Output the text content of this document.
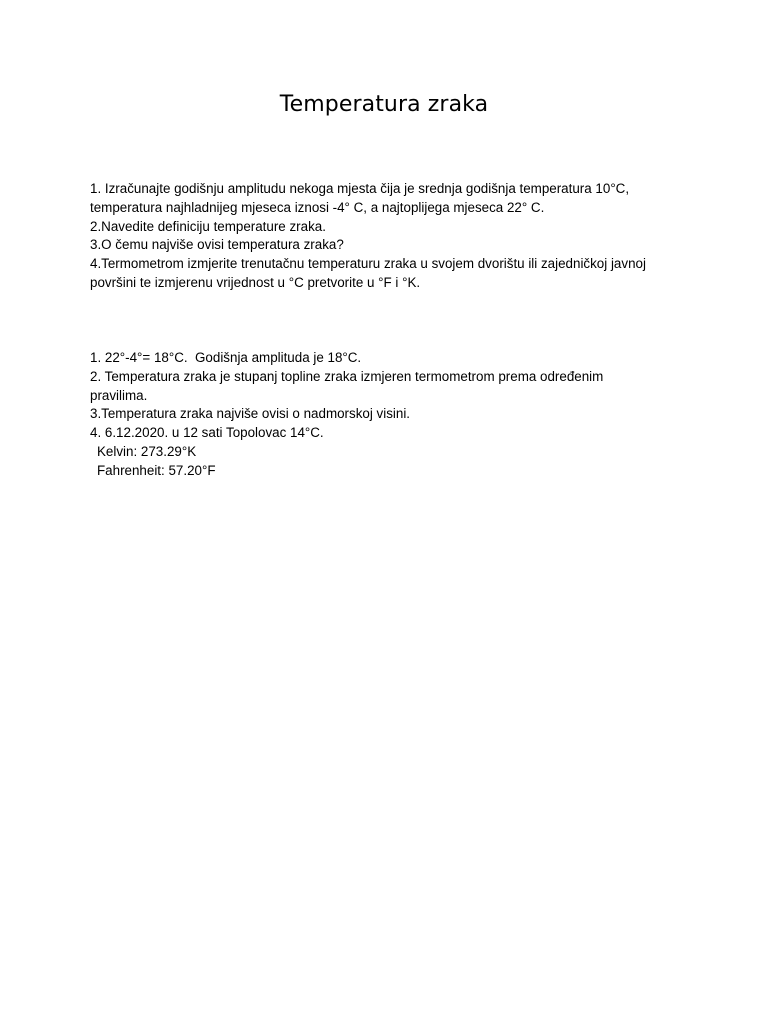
Temperatura zraka
1. Izračunajte godišnju amplitudu nekoga mjesta čija je srednja godišnja temperatura 10°C,
temperatura najhladnijeg mjeseca iznosi -4° C, a najtoplijega mjeseca 22° C.
2.Navedite definiciju temperature zraka.
3.O čemu najviše ovisi temperatura zraka?
4.Termometrom izmjerite trenutačnu temperaturu zraka u svojem dvorištu ili zajedničkoj javnoj
površini te izmjerenu vrijednost u °C pretvorite u °F i °K.
1. 22°-4°= 18°C.  Godišnja amplituda je 18°C.
2. Temperatura zraka je stupanj topline zraka izmjeren termometrom prema određenim
pravilima.
3.Temperatura zraka najviše ovisi o nadmorskoj visini.
4. 6.12.2020. u 12 sati Topolovac 14°C.
Kelvin: 273.29°K
Fahrenheit: 57.20°F
